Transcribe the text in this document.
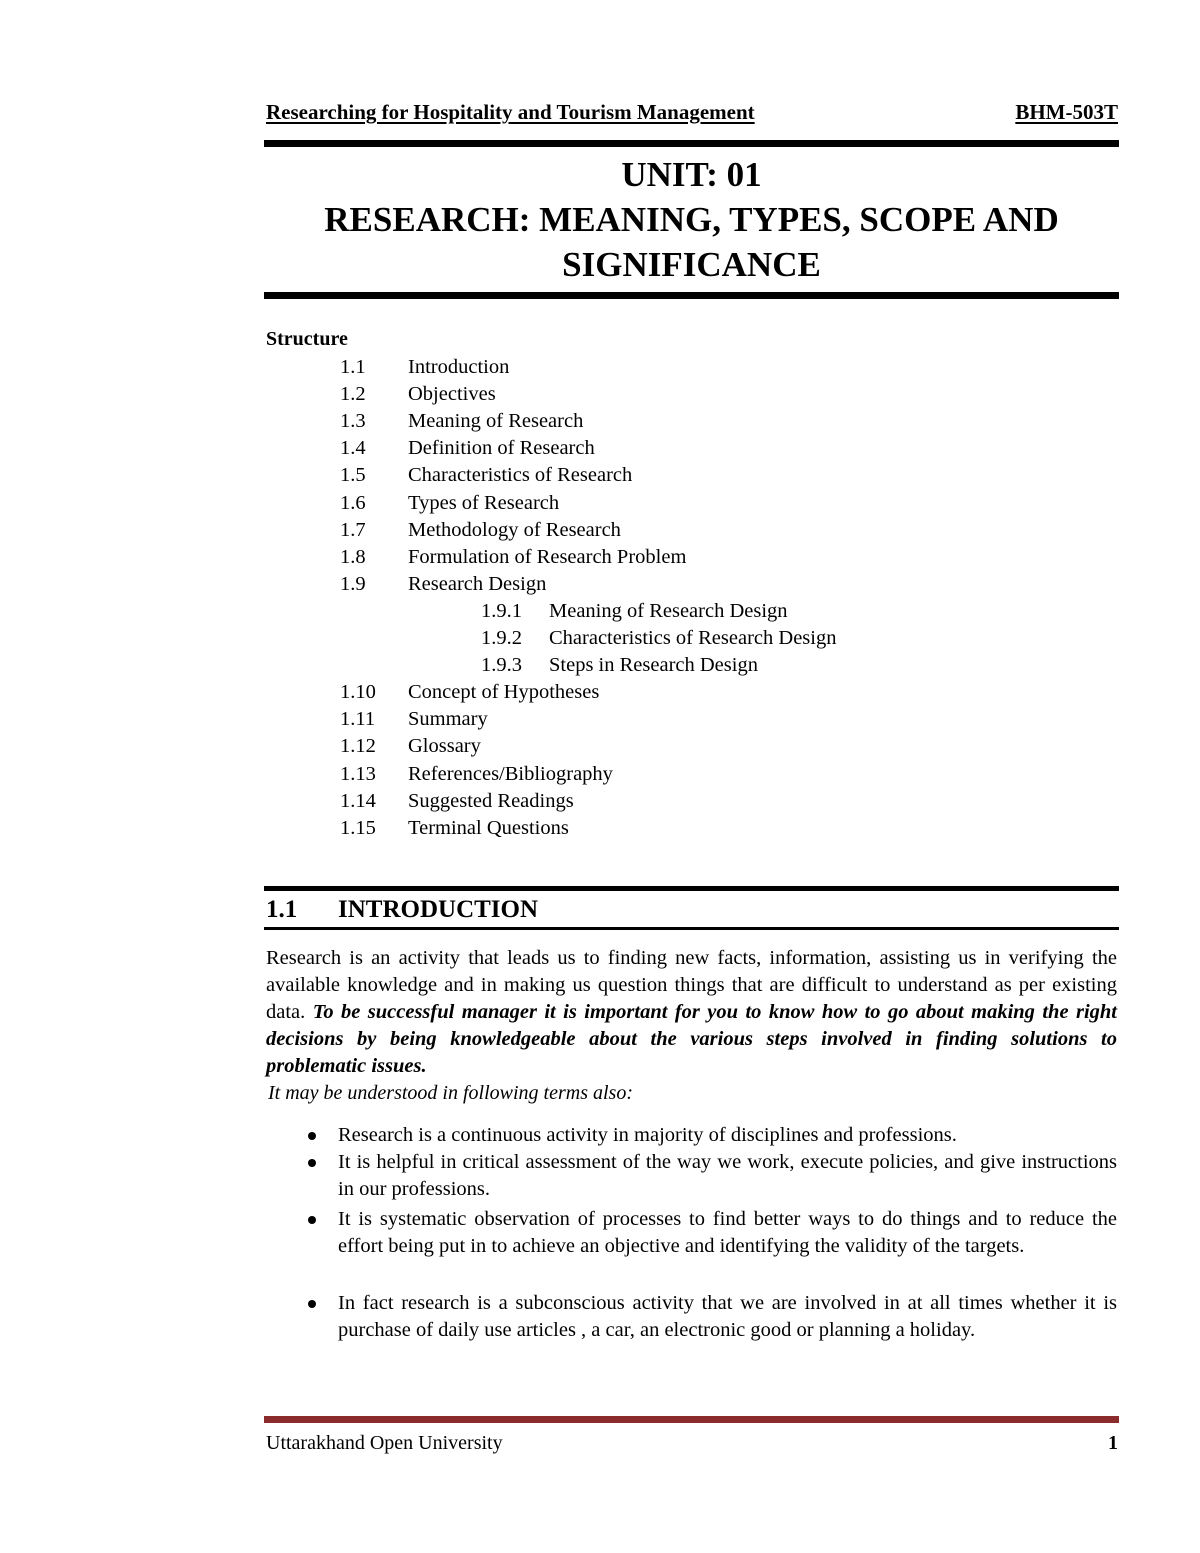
Researching for Hospitality and Tourism Management	BHM-503T
UNIT: 01
RESEARCH: MEANING, TYPES, SCOPE AND
SIGNIFICANCE
Structure
1.1 Introduction
1.2 Objectives
1.3 Meaning of Research
1.4 Definition of Research
1.5 Characteristics of Research
1.6 Types of Research
1.7 Methodology of Research
1.8 Formulation of Research Problem
1.9 Research Design
1.9.1 Meaning of Research Design
1.9.2 Characteristics of Research Design
1.9.3 Steps in Research Design
1.10 Concept of Hypotheses
1.11 Summary
1.12 Glossary
1.13 References/Bibliography
1.14 Suggested Readings
1.15 Terminal Questions
1.1 INTRODUCTION
Research is an activity that leads us to finding new facts, information, assisting us in verifying the available knowledge and in making us question things that are difficult to understand as per existing data. To be successful manager it is important for you to know how to go about making the right decisions by being knowledgeable about the various steps involved in finding solutions to problematic issues.
It may be understood in following terms also:
Research is a continuous activity in majority of disciplines and professions.
It is helpful in critical assessment of the way we work, execute policies, and give instructions in our professions.
It is systematic observation of processes to find better ways to do things and to reduce the effort being put in to achieve an objective and identifying the validity of the targets.
In fact research is a subconscious activity that we are involved in at all times whether it is purchase of daily use articles , a car, an electronic good or planning a holiday.
Uttarakhand Open University	1
